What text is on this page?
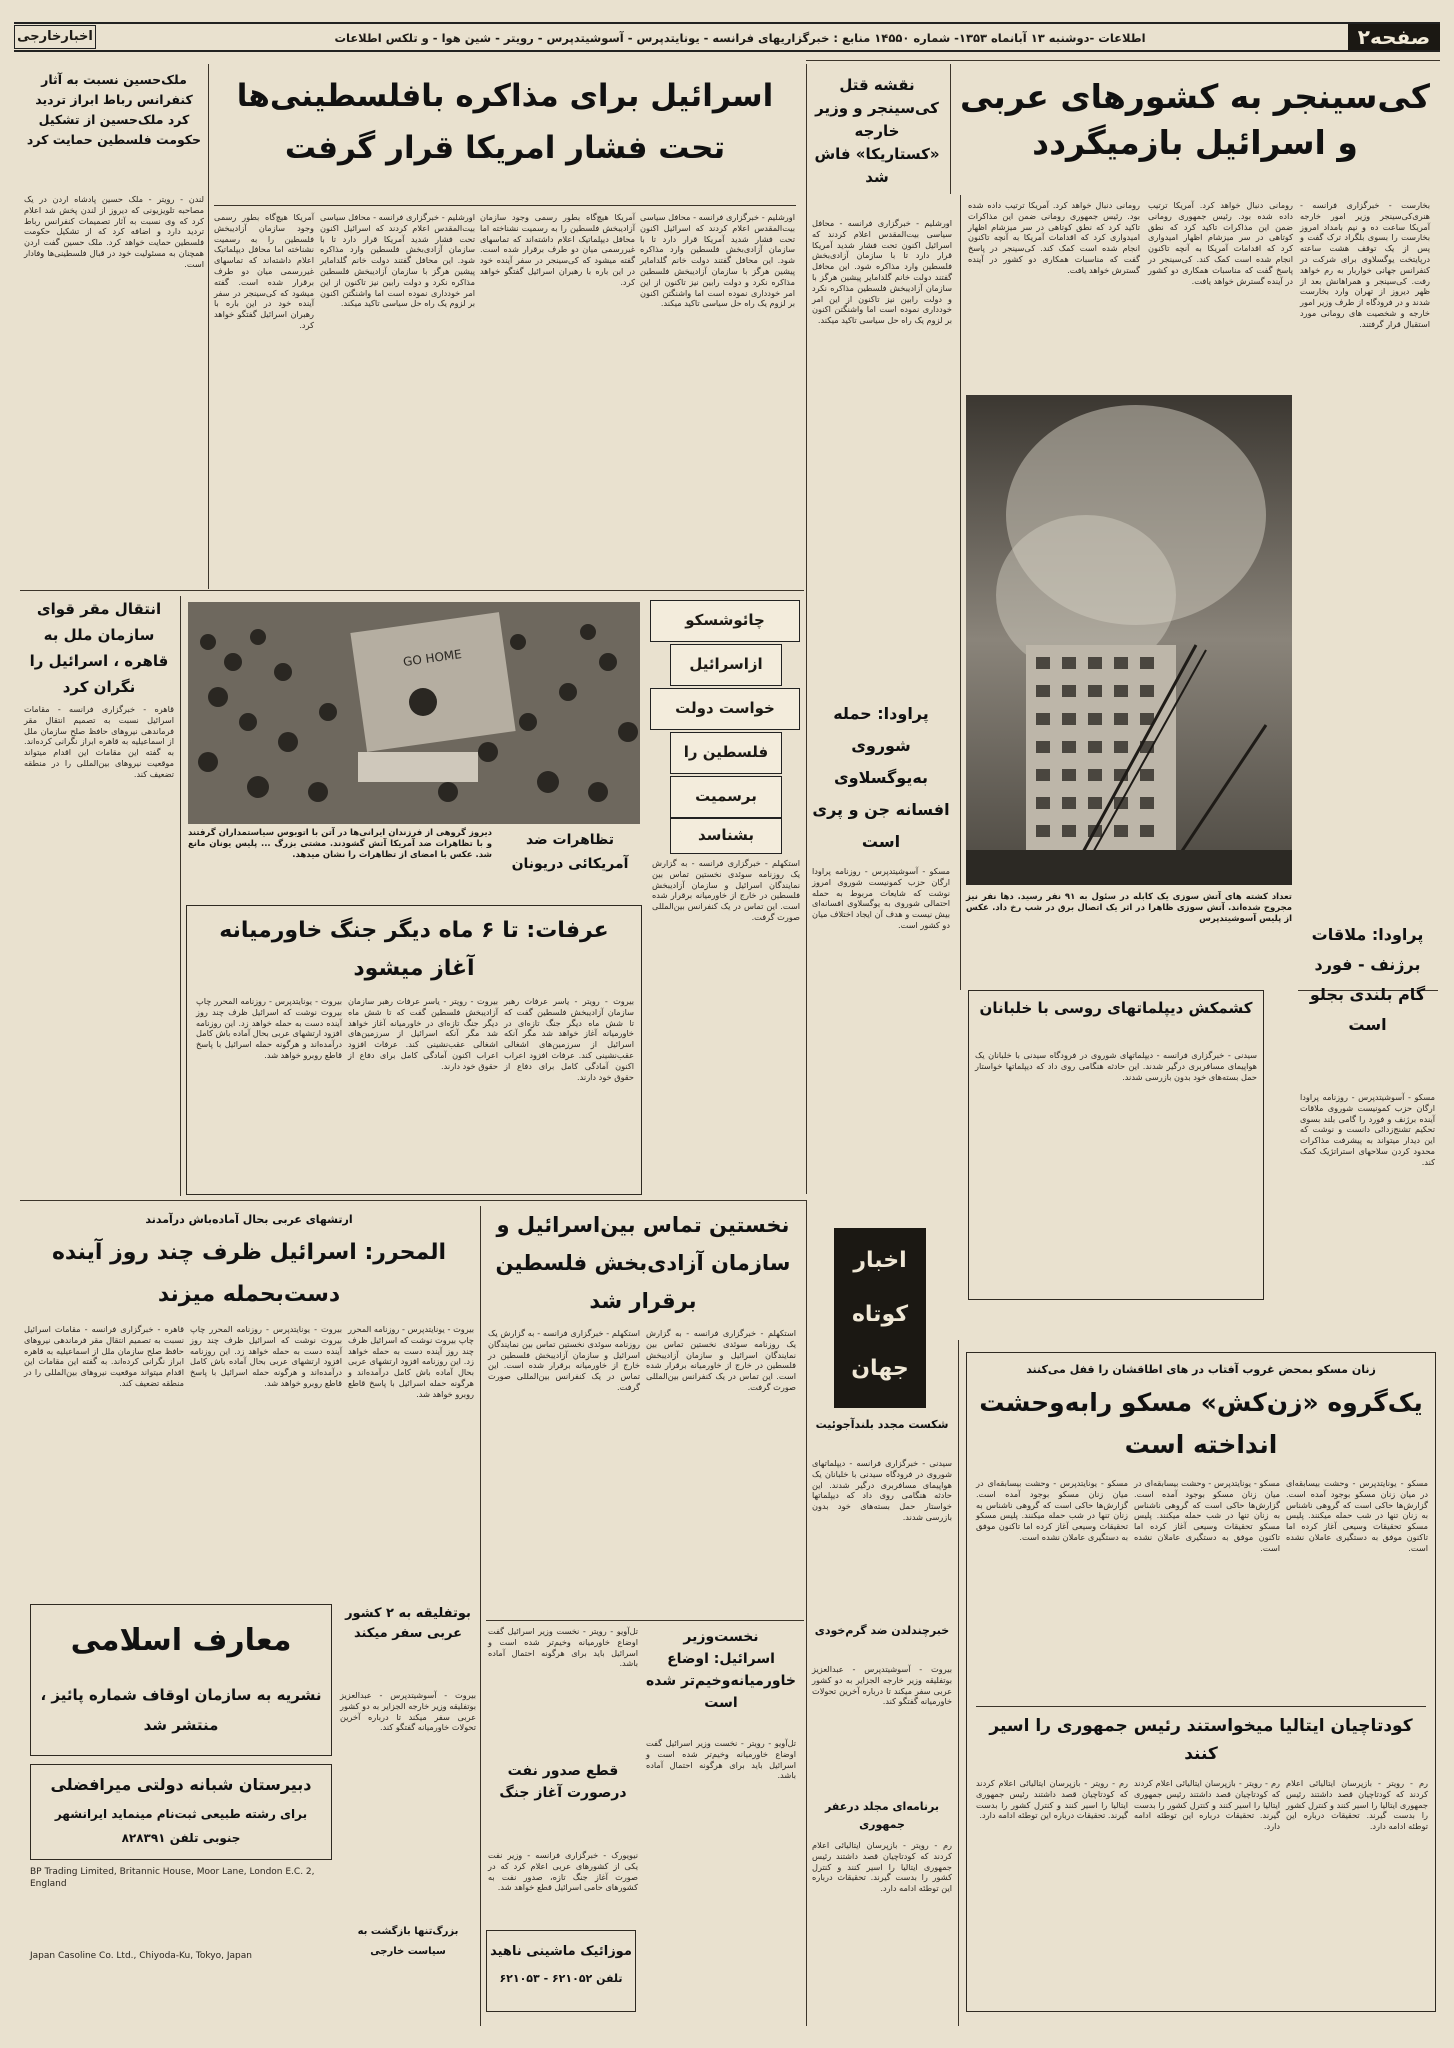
صفحه۲
اطلاعات -دوشنبه ۱۳ آبانماه ۱۳۵۳- شماره ۱۴۵۵۰ منابع : خبرگزاریهای فرانسه - یونایتدپرس - آسوشیتدپرس - رویتر - شین هوا - و تلکس اطلاعات
اخبارخارجی
کی‌سینجر به کشورهای عربی و اسرائیل بازمیگردد
نقشه قتل کی‌سینجر و وزیر خارجه «کستاریکا» فاش شد
بخارست - خبرگزاری فرانسه - هنری‌کی‌سینجر وزیر امور خارجه آمریکا ساعت ده و نیم بامداد امروز بخارست را بسوی بلگراد ترک گفت و پس از یک توقف هشت ساعته درپایتخت یوگسلاوی برای شرکت در کنفرانس جهانی خواربار به رم خواهد رفت. کی‌سینجر و همراهانش بعد از ظهر دیروز از تهران وارد بخارست شدند و در فرودگاه از طرف وزیر امور خارجه و شخصیت های رومانی مورد استقبال قرار گرفتند.
رومانی دنبال خواهد کرد. آمریکا ترتیب داده شده بود. رئیس جمهوری رومانی ضمن این مذاکرات تاکید کرد که نطق کوتاهی در سر میزشام اظهار امیدواری کرد که اقدامات آمریکا به آنچه تاکنون انجام شده است کمک کند. کی‌سینجر در پاسخ گفت که مناسبات همکاری دو کشور در آینده گسترش خواهد یافت.
رومانی دنبال خواهد کرد. آمریکا ترتیب داده شده بود. رئیس جمهوری رومانی ضمن این مذاکرات تاکید کرد که نطق کوتاهی در سر میزشام اظهار امیدواری کرد که اقدامات آمریکا به آنچه تاکنون انجام شده است کمک کند. کی‌سینجر در پاسخ گفت که مناسبات همکاری دو کشور در آینده گسترش خواهد یافت.
اورشلیم - خبرگزاری فرانسه - محافل سیاسی بیت‌المقدس اعلام کردند که اسرائیل اکنون تحت فشار شدید آمریکا قرار دارد تا با سازمان آزادی‌بخش فلسطین وارد مذاکره شود. این محافل گفتند دولت خانم گلدامایر پیشین هرگز با سازمان آزادیبخش فلسطین مذاکره نکرد و دولت رابین نیز تاکنون از این امر خودداری نموده است اما واشنگتن اکنون بر لزوم یک راه حل سیاسی تاکید میکند.
تعداد کشته های آتش سوزی یک کابله در سئول به ۹۱ نفر رسید. دها نفر نیز مجروح شده‌اند. آتش سوزی ظاهرا در اثر یک اتصال برق در شب رخ داد. عکس از پلیس آسوشیتدپرس
پراودا: ملاقات برژنف - فورد گام بلندی بجلو است
مسکو - آسوشیتدپرس - روزنامه پراودا ارگان حزب کمونیست شوروی ملاقات آینده برژنف و فورد را گامی بلند بسوی تحکیم تشنج‌زدائی دانست و نوشت که این دیدار میتواند به پیشرفت مذاکرات محدود کردن سلاحهای استراتژیک کمک کند.
پراودا: حمله شوروی به‌یوگسلاوی افسانه جن و پری است
مسکو - آسوشیتدپرس - روزنامه پراودا ارگان حزب کمونیست شوروی امروز نوشت که شایعات مربوط به حمله احتمالی شوروی به یوگسلاوی افسانه‌ای بیش نیست و هدف آن ایجاد اختلاف میان دو کشور است.
کشمکش دیپلماتهای روسی با خلبانان
سیدنی - خبرگزاری فرانسه - دیپلماتهای شوروی در فرودگاه سیدنی با خلبانان یک هواپیمای مسافربری درگیر شدند. این حادثه هنگامی روی داد که دیپلماتها خواستار حمل بسته‌های خود بدون بازرسی شدند.
اسرائیل برای مذاکره بافلسطینی‌ها تحت فشار امریکا قرار گرفت
اورشلیم - خبرگزاری فرانسه - محافل سیاسی بیت‌المقدس اعلام کردند که اسرائیل اکنون تحت فشار شدید آمریکا قرار دارد تا با سازمان آزادی‌بخش فلسطین وارد مذاکره شود. این محافل گفتند دولت خانم گلدامایر پیشین هرگز با سازمان آزادیبخش فلسطین مذاکره نکرد و دولت رابین نیز تاکنون از این امر خودداری نموده است اما واشنگتن اکنون بر لزوم یک راه حل سیاسی تاکید میکند.
آمریکا هیچ‌گاه بطور رسمی وجود سازمان آزادیبخش فلسطین را به رسمیت نشناخته اما محافل دیپلماتیک اعلام داشته‌اند که تماسهای غیررسمی میان دو طرف برقرار شده است. گفته میشود که کی‌سینجر در سفر آینده خود در این باره با رهبران اسرائیل گفتگو خواهد کرد.
اورشلیم - خبرگزاری فرانسه - محافل سیاسی بیت‌المقدس اعلام کردند که اسرائیل اکنون تحت فشار شدید آمریکا قرار دارد تا با سازمان آزادی‌بخش فلسطین وارد مذاکره شود. این محافل گفتند دولت خانم گلدامایر پیشین هرگز با سازمان آزادیبخش فلسطین مذاکره نکرد و دولت رابین نیز تاکنون از این امر خودداری نموده است اما واشنگتن اکنون بر لزوم یک راه حل سیاسی تاکید میکند.
آمریکا هیچ‌گاه بطور رسمی وجود سازمان آزادیبخش فلسطین را به رسمیت نشناخته اما محافل دیپلماتیک اعلام داشته‌اند که تماسهای غیررسمی میان دو طرف برقرار شده است. گفته میشود که کی‌سینجر در سفر آینده خود در این باره با رهبران اسرائیل گفتگو خواهد کرد.
ملک‌حسین نسبت به آثار کنفرانس رباط ابراز تردید کرد ملک‌حسین از تشکیل حکومت فلسطین حمایت کرد
لندن - رویتر - ملک حسین پادشاه اردن در یک مصاحبه تلویزیونی که دیروز از لندن پخش شد اعلام کرد که وی نسبت به آثار تصمیمات کنفرانس رباط تردید دارد و اضافه کرد که از تشکیل حکومت فلسطین حمایت خواهد کرد. ملک حسین گفت اردن همچنان به مسئولیت خود در قبال فلسطینی‌ها وفادار است.
انتقال مقر قوای سازمان ملل به قاهره ، اسرائیل را نگران کرد
قاهره - خبرگزاری فرانسه - مقامات اسرائیل نسبت به تصمیم انتقال مقر فرماندهی نیروهای حافظ صلح سازمان ملل از اسماعیلیه به قاهره ابراز نگرانی کرده‌اند. به گفته این مقامات این اقدام میتواند موقعیت نیروهای بین‌المللی را در منطقه تضعیف کند.
GO HOME
تظاهرات ضد آمریکائی دریونان
دیروز گروهی از فرزندان ایرانی‌ها در آتن با اتوبوس سیاستمداران گرفتند و با تظاهرات ضد آمریکا آتش گشودند. مشتی بزرگ ... پلیس یونان مانع شد. عکس با امضای از تظاهرات را نشان میدهد.
چائوشسکو
ازاسرائیل
خواست دولت
فلسطین را
برسمیت
بشناسد
استکهلم - خبرگزاری فرانسه - به گزارش یک روزنامه سوئدی نخستین تماس بین نمایندگان اسرائیل و سازمان آزادیبخش فلسطین در خارج از خاورمیانه برقرار شده است. این تماس در یک کنفرانس بین‌المللی صورت گرفت.
عرفات: تا ۶ ماه دیگر جنگ خاورمیانه آغاز میشود
بیروت - رویتر - یاسر عرفات رهبر سازمان آزادیبخش فلسطین گفت که تا شش ماه دیگر جنگ تازه‌ای در خاورمیانه آغاز خواهد شد مگر آنکه اسرائیل از سرزمین‌های اشغالی عقب‌نشینی کند. عرفات افزود اعراب اکنون آمادگی کامل برای دفاع از حقوق خود دارند.
بیروت - رویتر - یاسر عرفات رهبر سازمان آزادیبخش فلسطین گفت که تا شش ماه دیگر جنگ تازه‌ای در خاورمیانه آغاز خواهد شد مگر آنکه اسرائیل از سرزمین‌های اشغالی عقب‌نشینی کند. عرفات افزود اعراب اکنون آمادگی کامل برای دفاع از حقوق خود دارند.
بیروت - یونایتدپرس - روزنامه المحرر چاپ بیروت نوشت که اسرائیل ظرف چند روز آینده دست به حمله خواهد زد. این روزنامه افزود ارتشهای عربی بحال آماده باش کامل درآمده‌اند و هرگونه حمله اسرائیل با پاسخ قاطع روبرو خواهد شد.
ارتشهای عربی بحال آماده‌باش درآمدند
المحرر: اسرائیل ظرف چند روز آینده دست‌بحمله میزند
بیروت - یونایتدپرس - روزنامه المحرر چاپ بیروت نوشت که اسرائیل ظرف چند روز آینده دست به حمله خواهد زد. این روزنامه افزود ارتشهای عربی بحال آماده باش کامل درآمده‌اند و هرگونه حمله اسرائیل با پاسخ قاطع روبرو خواهد شد.
بیروت - یونایتدپرس - روزنامه المحرر چاپ بیروت نوشت که اسرائیل ظرف چند روز آینده دست به حمله خواهد زد. این روزنامه افزود ارتشهای عربی بحال آماده باش کامل درآمده‌اند و هرگونه حمله اسرائیل با پاسخ قاطع روبرو خواهد شد.
قاهره - خبرگزاری فرانسه - مقامات اسرائیل نسبت به تصمیم انتقال مقر فرماندهی نیروهای حافظ صلح سازمان ملل از اسماعیلیه به قاهره ابراز نگرانی کرده‌اند. به گفته این مقامات این اقدام میتواند موقعیت نیروهای بین‌المللی را در منطقه تضعیف کند.
نخستین تماس بین‌اسرائیل و سازمان آزادی‌بخش فلسطین برقرار شد
استکهلم - خبرگزاری فرانسه - به گزارش یک روزنامه سوئدی نخستین تماس بین نمایندگان اسرائیل و سازمان آزادیبخش فلسطین در خارج از خاورمیانه برقرار شده است. این تماس در یک کنفرانس بین‌المللی صورت گرفت.
استکهلم - خبرگزاری فرانسه - به گزارش یک روزنامه سوئدی نخستین تماس بین نمایندگان اسرائیل و سازمان آزادیبخش فلسطین در خارج از خاورمیانه برقرار شده است. این تماس در یک کنفرانس بین‌المللی صورت گرفت.
نخست‌وزیر
اسرائیل: اوضاع خاورمیانه‌وخیم‌تر شده است
تل‌آویو - رویتر - نخست وزیر اسرائیل گفت اوضاع خاورمیانه وخیم‌تر شده است و اسرائیل باید برای هرگونه احتمال آماده باشد.
قطع صدور نفت درصورت آغاز جنگ
نیویورک - خبرگزاری فرانسه - وزیر نفت یکی از کشورهای عربی اعلام کرد که در صورت آغاز جنگ تازه، صدور نفت به کشورهای حامی اسرائیل قطع خواهد شد.
تل‌آویو - رویتر - نخست وزیر اسرائیل گفت اوضاع خاورمیانه وخیم‌تر شده است و اسرائیل باید برای هرگونه احتمال آماده باشد.
بوتفلیقه به ۲ کشور عربی سفر میکند
بیروت - آسوشیتدپرس - عبدالعزیز بوتفلیقه وزیر خارجه الجزایر به دو کشور عربی سفر میکند تا درباره آخرین تحولات خاورمیانه گفتگو کند.
معارف اسلامی
نشریه به سازمان اوقاف شماره پائیز ، منتشر شد
دبیرستان شبانه دولتی میرافضلی
برای رشته طبیعی ثبت‌نام مینماید ایرانشهر جنوبی تلفن ۸۲۸۳۹۱
BP Trading Limited, Britannic House, Moor Lane, London E.C. 2, England
Japan Casoline Co. Ltd., Chiyoda-Ku, Tokyo, Japan	موزائیک ماشینی ناهید
تلفن ۶۲۱۰۵۲ - ۶۲۱۰۵۳
اخبار کوتاه جهان
شکست مجدد بلندآجوئیت
سیدنی - خبرگزاری فرانسه - دیپلماتهای شوروی در فرودگاه سیدنی با خلبانان یک هواپیمای مسافربری درگیر شدند. این حادثه هنگامی روی داد که دیپلماتها خواستار حمل بسته‌های خود بدون بازرسی شدند.
خبرچندلدن ضد گرم‌خودی
بیروت - آسوشیتدپرس - عبدالعزیز بوتفلیقه وزیر خارجه الجزایر به دو کشور عربی سفر میکند تا درباره آخرین تحولات خاورمیانه گفتگو کند.
برنامه‌ای مجلد درعفر جمهوری
رم - رویتر - بازپرسان ایتالیائی اعلام کردند که کودتاچیان قصد داشتند رئیس جمهوری ایتالیا را اسیر کنند و کنترل کشور را بدست گیرند. تحقیقات درباره این توطئه ادامه دارد.
زنان مسکو بمحض غروب آفتاب در های اطاقشان را قفل می‌کنند
یک‌گروه «زن‌کش» مسکو رابه‌وحشت انداخته است
مسکو - یونایتدپرس - وحشت بیسابقه‌ای در میان زنان مسکو بوجود آمده است. گزارش‌ها حاکی است که گروهی ناشناس به زنان تنها در شب حمله میکنند. پلیس مسکو تحقیقات وسیعی آغاز کرده اما تاکنون موفق به دستگیری عاملان نشده است.
مسکو - یونایتدپرس - وحشت بیسابقه‌ای در میان زنان مسکو بوجود آمده است. گزارش‌ها حاکی است که گروهی ناشناس به زنان تنها در شب حمله میکنند. پلیس مسکو تحقیقات وسیعی آغاز کرده اما تاکنون موفق به دستگیری عاملان نشده است.
مسکو - یونایتدپرس - وحشت بیسابقه‌ای در میان زنان مسکو بوجود آمده است. گزارش‌ها حاکی است که گروهی ناشناس به زنان تنها در شب حمله میکنند. پلیس مسکو تحقیقات وسیعی آغاز کرده اما تاکنون موفق به دستگیری عاملان نشده است.
کودتاچیان ایتالیا میخواستند رئیس جمهوری را اسیر کنند
رم - رویتر - بازپرسان ایتالیائی اعلام کردند که کودتاچیان قصد داشتند رئیس جمهوری ایتالیا را اسیر کنند و کنترل کشور را بدست گیرند. تحقیقات درباره این توطئه ادامه دارد.
رم - رویتر - بازپرسان ایتالیائی اعلام کردند که کودتاچیان قصد داشتند رئیس جمهوری ایتالیا را اسیر کنند و کنترل کشور را بدست گیرند. تحقیقات درباره این توطئه ادامه دارد.
رم - رویتر - بازپرسان ایتالیائی اعلام کردند که کودتاچیان قصد داشتند رئیس جمهوری ایتالیا را اسیر کنند و کنترل کشور را بدست گیرند. تحقیقات درباره این توطئه ادامه دارد.
بزرگ‌تنها بازگشت به سیاست خارجی
